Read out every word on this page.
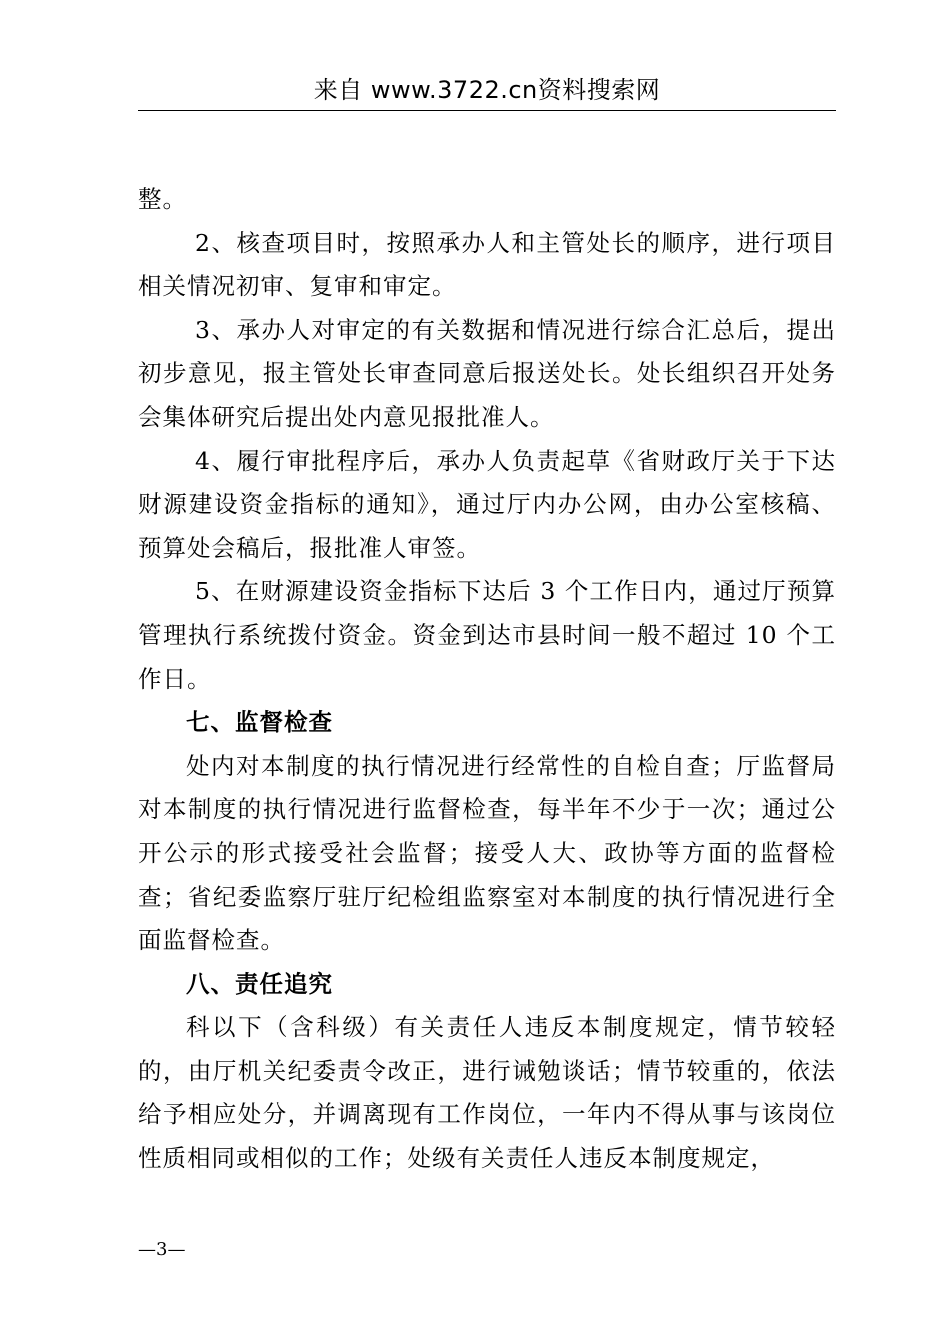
来自 www.3722.cn资料搜索网

整。

2、核查项目时，按照承办人和主管处长的顺序，进行项目相关情况初审、复审和审定。

3、承办人对审定的有关数据和情况进行综合汇总后，提出初步意见，报主管处长审查同意后报送处长。处长组织召开处务会集体研究后提出处内意见报批准人。

4、履行审批程序后，承办人负责起草《省财政厅关于下达财源建设资金指标的通知》，通过厅内办公网，由办公室核稿、预算处会稿后，报批准人审签。

5、在财源建设资金指标下达后 3 个工作日内，通过厅预算管理执行系统拨付资金。资金到达市县时间一般不超过 10 个工作日。

七、监督检查

处内对本制度的执行情况进行经常性的自检自查；厅监督局对本制度的执行情况进行监督检查，每半年不少于一次；通过公开公示的形式接受社会监督；接受人大、政协等方面的监督检查；省纪委监察厅驻厅纪检组监察室对本制度的执行情况进行全面监督检查。

八、责任追究

科以下（含科级）有关责任人违反本制度规定，情节较轻的，由厅机关纪委责令改正，进行诫勉谈话；情节较重的，依法给予相应处分，并调离现有工作岗位，一年内不得从事与该岗位性质相同或相似的工作；处级有关责任人违反本制度规定，

—3—
